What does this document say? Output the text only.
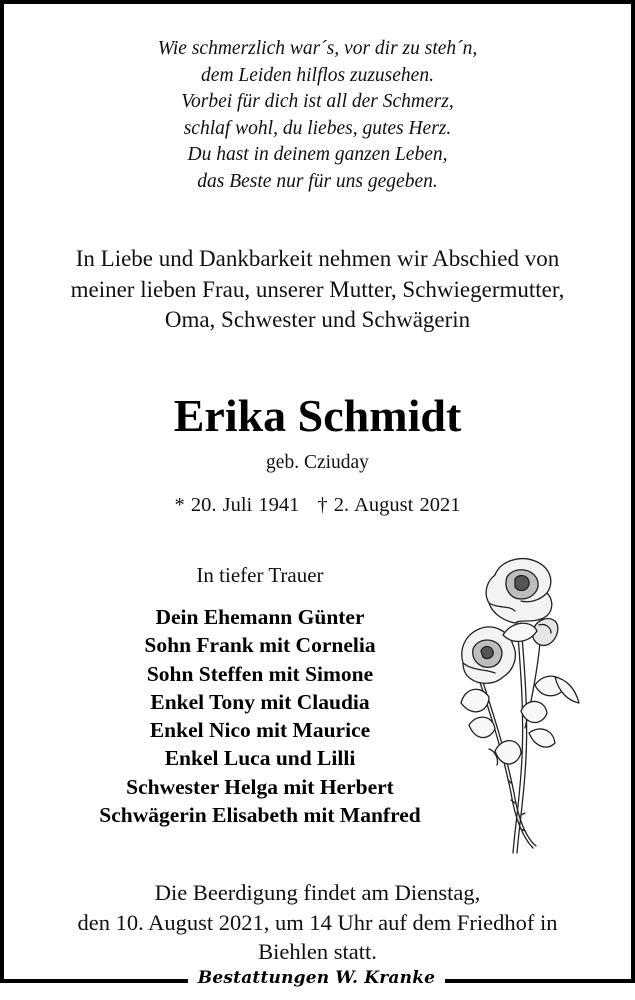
Wie schmerzlich war´s, vor dir zu steh´n,
dem Leiden hilflos zuzusehen.
Vorbei für dich ist all der Schmerz,
schlaf wohl, du liebes, gutes Herz.
Du hast in deinem ganzen Leben,
das Beste nur für uns gegeben.
In Liebe und Dankbarkeit nehmen wir Abschied von
meiner lieben Frau, unserer Mutter, Schwiegermutter,
Oma, Schwester und Schwägerin
Erika Schmidt
geb. Cziuday
* 20. Juli 1941 † 2. August 2021
In tiefer Trauer
Dein Ehemann Günter
Sohn Frank mit Cornelia
Sohn Steffen mit Simone
Enkel Tony mit Claudia
Enkel Nico mit Maurice
Enkel Luca und Lilli
Schwester Helga mit Herbert
Schwägerin Elisabeth mit Manfred
Die Beerdigung findet am Dienstag,
den 10. August 2021, um 14 Uhr auf dem Friedhof in
Biehlen statt.
Bestattungen W. Kranke
